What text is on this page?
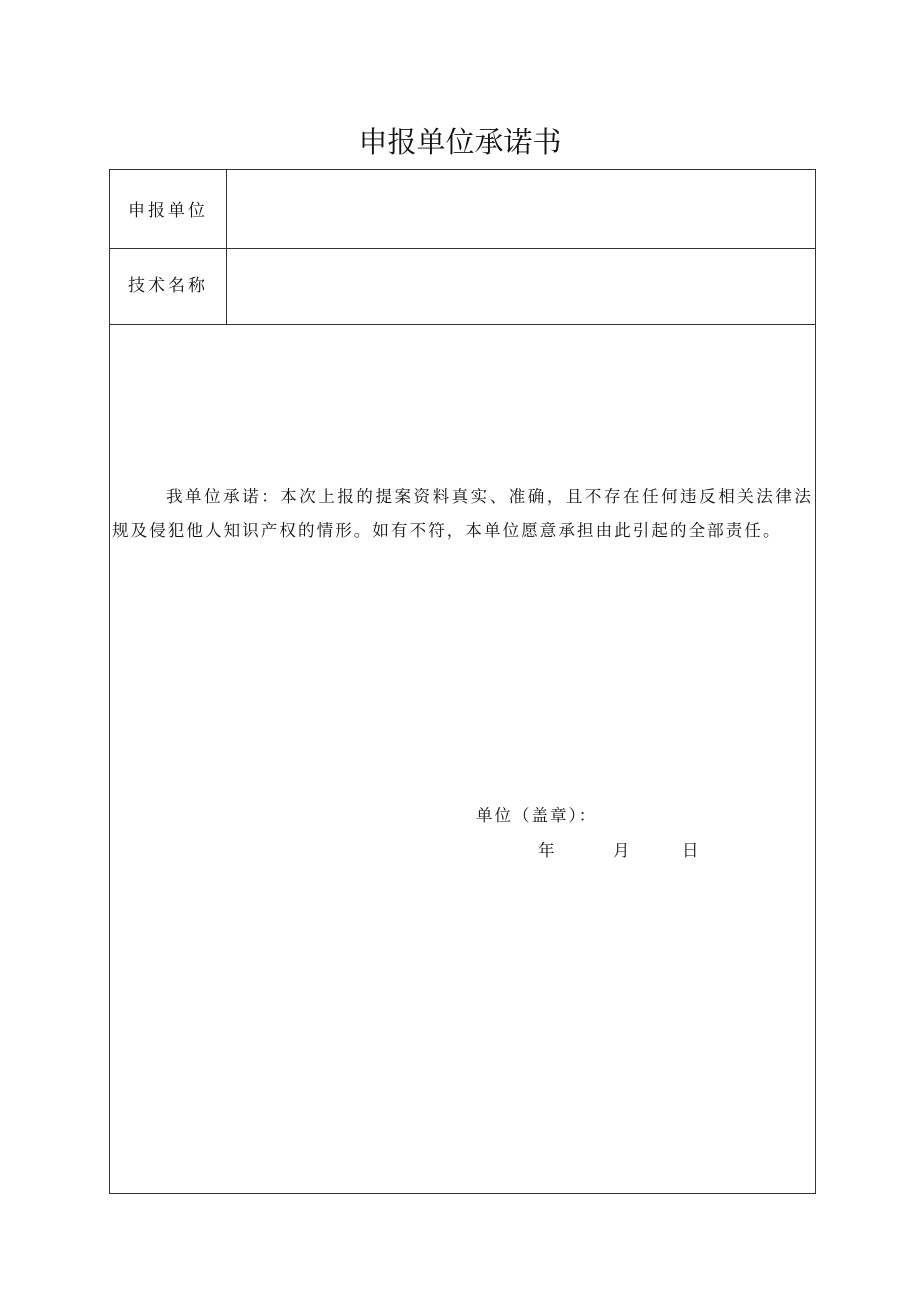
申报单位承诺书
申报单位
技术名称
我单位承诺：本次上报的提案资料真实、准确，且不存在任何违反相关法律法规及侵犯他人知识产权的情形。如有不符，本单位愿意承担由此引起的全部责任。
单位（盖章）：
年	月	日
